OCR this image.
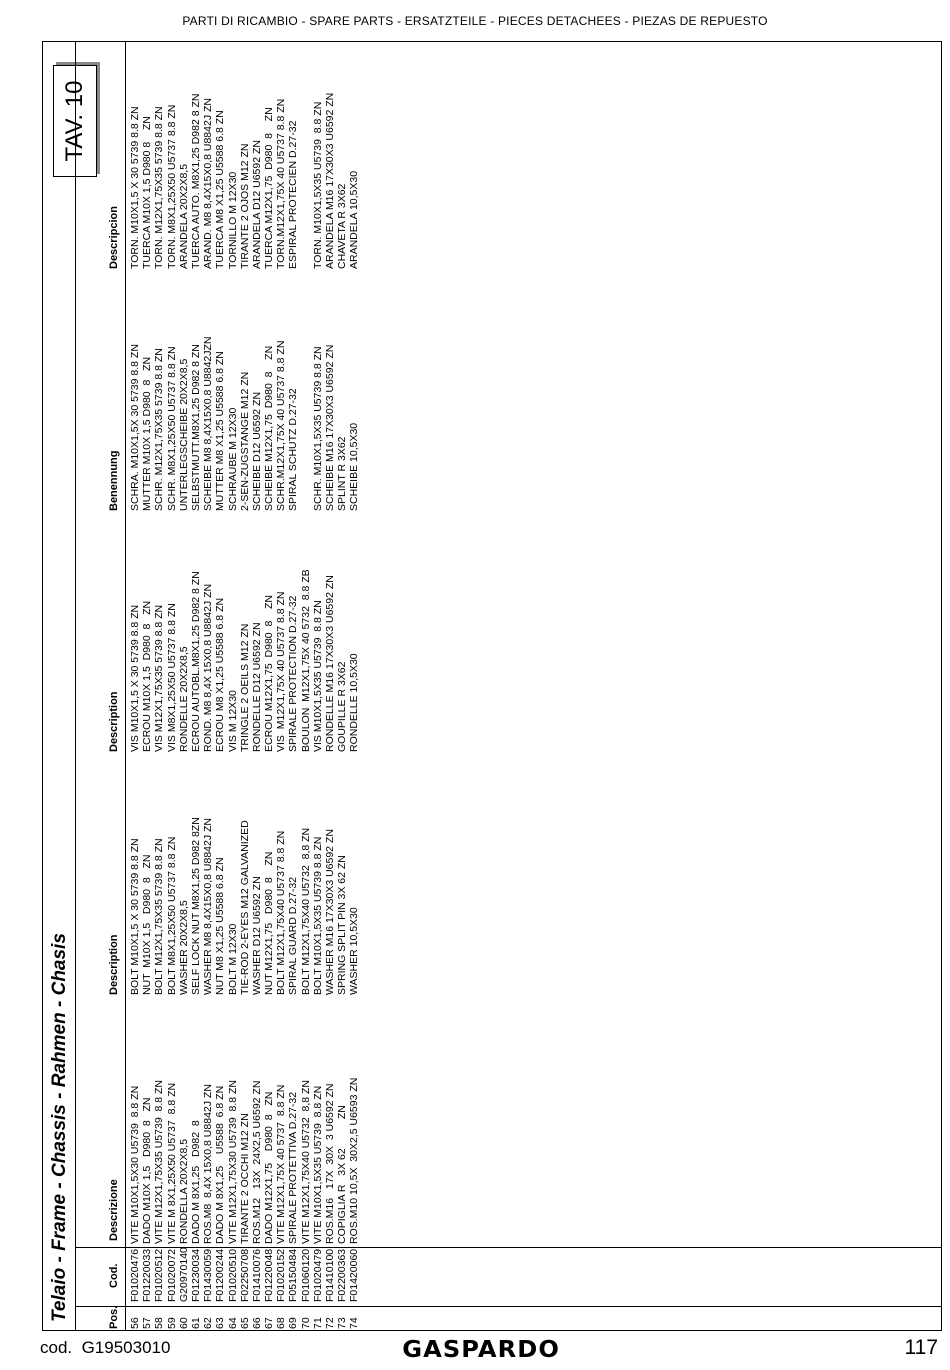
PARTI DI RICAMBIO - SPARE PARTS - ERSATZTEILE - PIECES DETACHEES - PIEZAS DE REPUESTO
Telaio - Frame - Chassis - Rahmen - Chasis
TAV. 10
Pos.
Cod.
Descrizione
Description
Description
Benennung
Descripcion
56 57 58 59 60 61 62 63 64 65 66 67 68 69 70 71 72 73 74
F01020476 F01220033 F01020512 F01020072 G20970140 F01230034 F01430059 F01200244 F01020510 F02250708 F01410076 F01220048 F01020152 F05150484 F01060120 F01020479 F01410100 F02200363 F01420060
VITE M10X1,5X30 U5739  8.8 ZN DADO M10X 1,5   D980  8   ZN VITE M12X1,75X35 U5739  8.8 ZN VITE M 8X1,25X50 U5737  8.8 ZN RONDELLA 20X2X8,5 DADO M 8X1,25   D982  8 ROS.M8  8,4X 15X0,8 U8842J ZN DADO M 8X1,25    U5588  6.8 ZN VITE M12X1,75X30 U5739  8.8 ZN TIRANTE 2 OCCHI M12 ZN ROS.M12   13X  24X2,5 U6592 ZN DADO M12X1,75    D980  8   ZN VITE M12X1,75X 40 5737  8.8 ZN SPIRALE PROTETTIVA D.27-32 VITE M12X1,75X40 U5732  8,8 ZN VITE M10X1,5X35 U5739  8.8 ZN ROS.M16   17X  30X  3 U6592 ZN COPIGLIA R   3X 62          ZN ROS.M10 10,5X  30X2,5 U6593 ZN
BOLT M10X1,5 X 30 5739 8.8 ZN NUT  M10X 1,5   D980  8   ZN BOLT M12X1,75X35 5739 8.8 ZN BOLT M8X1,25X50 U5737 8.8 ZN WASHER 20X2X8,5 SELF LOCK NUT M8X1,25 D982 8ZN WASHER M8 8,4X15X0,8 U8842J ZN NUT M8 X1,25 U5588 6.8 ZN BOLT M 12X30 TIE-ROD 2-EYES M12 GALVANIZED WASHER D12 U6592 ZN NUT M12X1,75   D980  8    ZN BOLT M12X1,75X40 U5737 8.8 ZN SPIRAL GUARD D.27-32 BOLT M12X1,75X40 U5732  8,8 ZN BOLT M10X1,5X35 U5739 8.8 ZN WASHER M16 17X30X3 U6592 ZN SPRING SPLIT PIN 3X 62 ZN WASHER 10,5X30
VIS M10X1,5 X 30 5739 8.8 ZN ECROU M10X 1,5  D980  8   ZN VIS M12X1,75X35 5739 8.8 ZN VIS M8X1,25X50 U5737 8.8 ZN RONDELLE 20X2X8,5 ECROU AUTOBL.M8X1,25 D982 8 ZN ROND. M8 8,4X 15X0,8 U8842J ZN ECROU M8 X1,25 U5588 6.8 ZN VIS M 12X30 TRINGLE 2 OEILS M12 ZN RONDELLE D12 U6592 ZN ECROU M12X1,75  D980  8    ZN VIS  M12X1,75X 40 U5737 8.8 ZN SPIRALE PROTECTION D.27-32 BOULON  M12X1,75X 40 5732  8.8 ZB VIS M10X1,5X35 U5739  8.8 ZN RONDELLE M16 17X30X3 U6592 ZN GOUPILLE R 3X62 RONDELLE 10,5X30
SCHRA. M10X1,5X 30 5739 8.8 ZN MUTTER M10X 1,5 D980  8   ZN SCHR. M12X1,75X35 5739 8.8 ZN SCHR. M8X1,25X50 U5737 8.8 ZN UNTERLEGSCHEIBE 20X2X8,5 SELBSTMUTT.M8X1,25 D982 8 ZN SCHEIBE M8 8,4X15X0,8 U8842JZN MUTTER M8 X1,25 U5588 6.8 ZN SCHRAUBE M 12X30 2-SEN-ZUGSTANGE M12 ZN SCHEIBE D12 U6592 ZN SCHEIBE M12X1,75  D980  8    ZN SCHR.M12X1,75X 40 U5737 8.8 ZN SPIRAL SCHUTZ D.27-32 SCHR. M10X1,5X35 U5739 8.8 ZN SCHEIBE M16 17X30X3 U6592 ZN SPLINT R 3X62 SCHEIBE 10,5X30
TORN. M10X1,5 X 30 5739 8.8 ZN TUERCA M10X 1,5 D980 8    ZN TORN. M12X1,75X35 5739 8.8 ZN TORN. M8X1,25X50 U5737 8.8 ZN ARANDELA 20X2X8,5 TUERCA AUTO. M8X1,25 D982 8 ZN ARAND. M8 8,4X15X0,8 U8842J ZN TUERCA M8 X1,25 U5588 6.8 ZN TORNILLO M 12X30 TIRANTE 2 OJOS M12 ZN ARANDELA D12 U6592 ZN TUERCA M12X1,75  D980  8    ZN TORN.M12X1,75X 40 U5737 8.8 ZN ESPIRAL PROTECIEN D.27-32 TORN. M10X1,5X35 U5739  8.8 ZN ARANDELA M16 17X30X3 U6592 ZN CHAVETA R 3X62 ARANDELA 10,5X30
cod.  G19503010	GASPARDO	117
